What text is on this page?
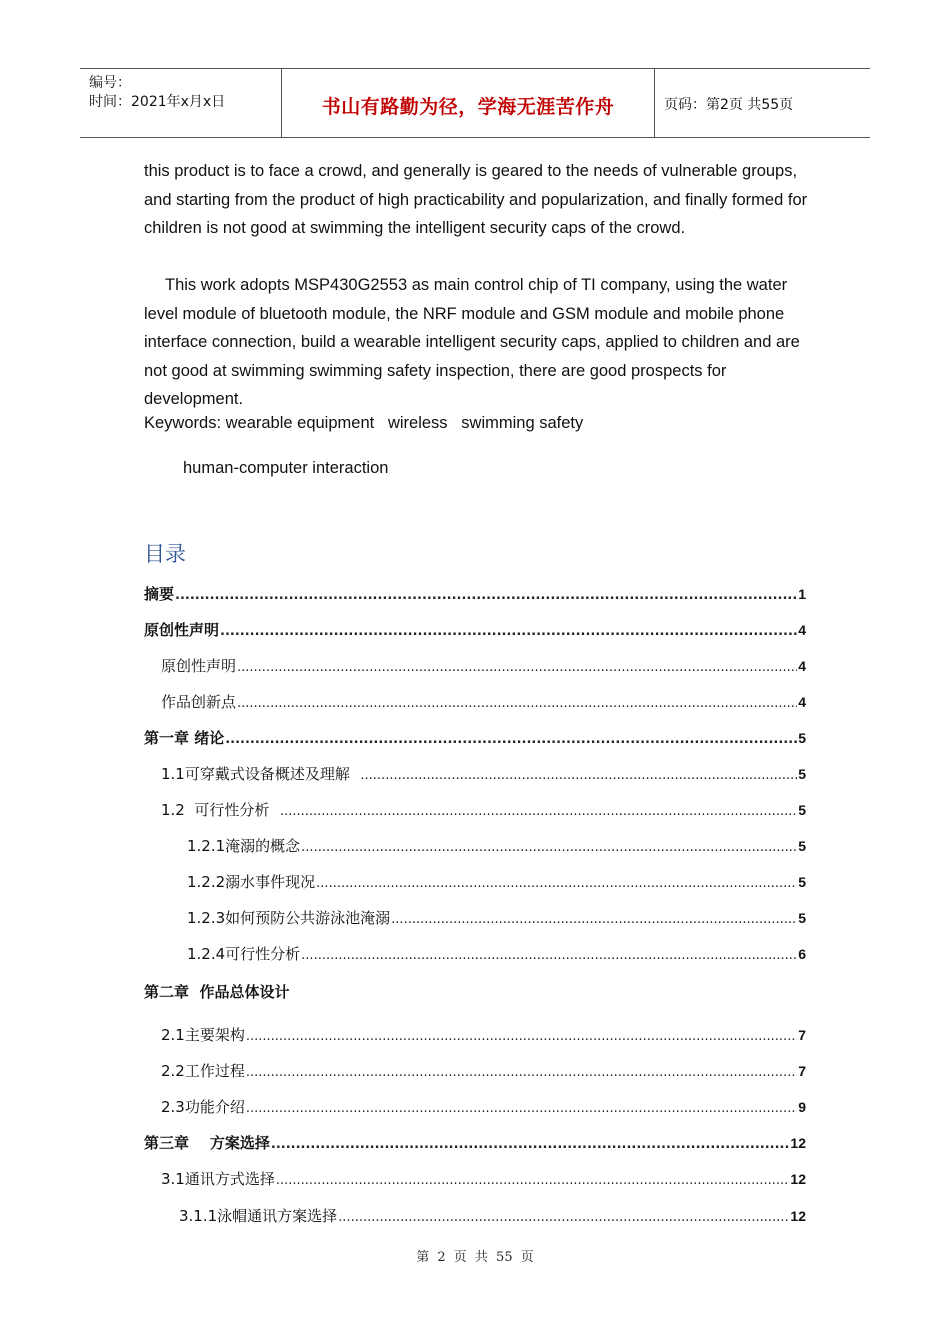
编号：
时间：2021年x月x日	书山有路勤为径，学海无涯苦作舟	页码：第2页 共55页
this product is to face a crowd, and generally is geared to the needs of vulnerable groups, and starting from the product of high practicability and popularization, and finally formed for children is not good at swimming the intelligent security caps of the crowd.
This work adopts MSP430G2553 as main control chip of TI company, using the water level module of bluetooth module, the NRF module and GSM module and mobile phone interface connection, build a wearable intelligent security caps, applied to children and are not good at swimming swimming safety inspection, there are good prospects for development.
Keywords: wearable equipment   wireless   swimming safety
human-computer interaction
目录
摘要 .....	1
原创性声明 .....	4
原创性声明 .....	4
作品创新点 .....	4
第一章 绪论 .....	5
1.1可穿戴式设备概述及理解 .....	5
1.2  可行性分析 .....	5
1.2.1淹溺的概念 .....	5
1.2.2溺水事件现况 .....	5
1.2.3如何预防公共游泳池淹溺 .....	5
1.2.4可行性分析 .....	6
第二章  作品总体设计
2.1主要架构 .....	7
2.2工作过程 .....	7
2.3功能介绍 .....	9
第三章    方案选择 .....	12
3.1通讯方式选择 .....	12
3.1.1泳帽通讯方案选择 .....	12
第 2 页 共 55 页
